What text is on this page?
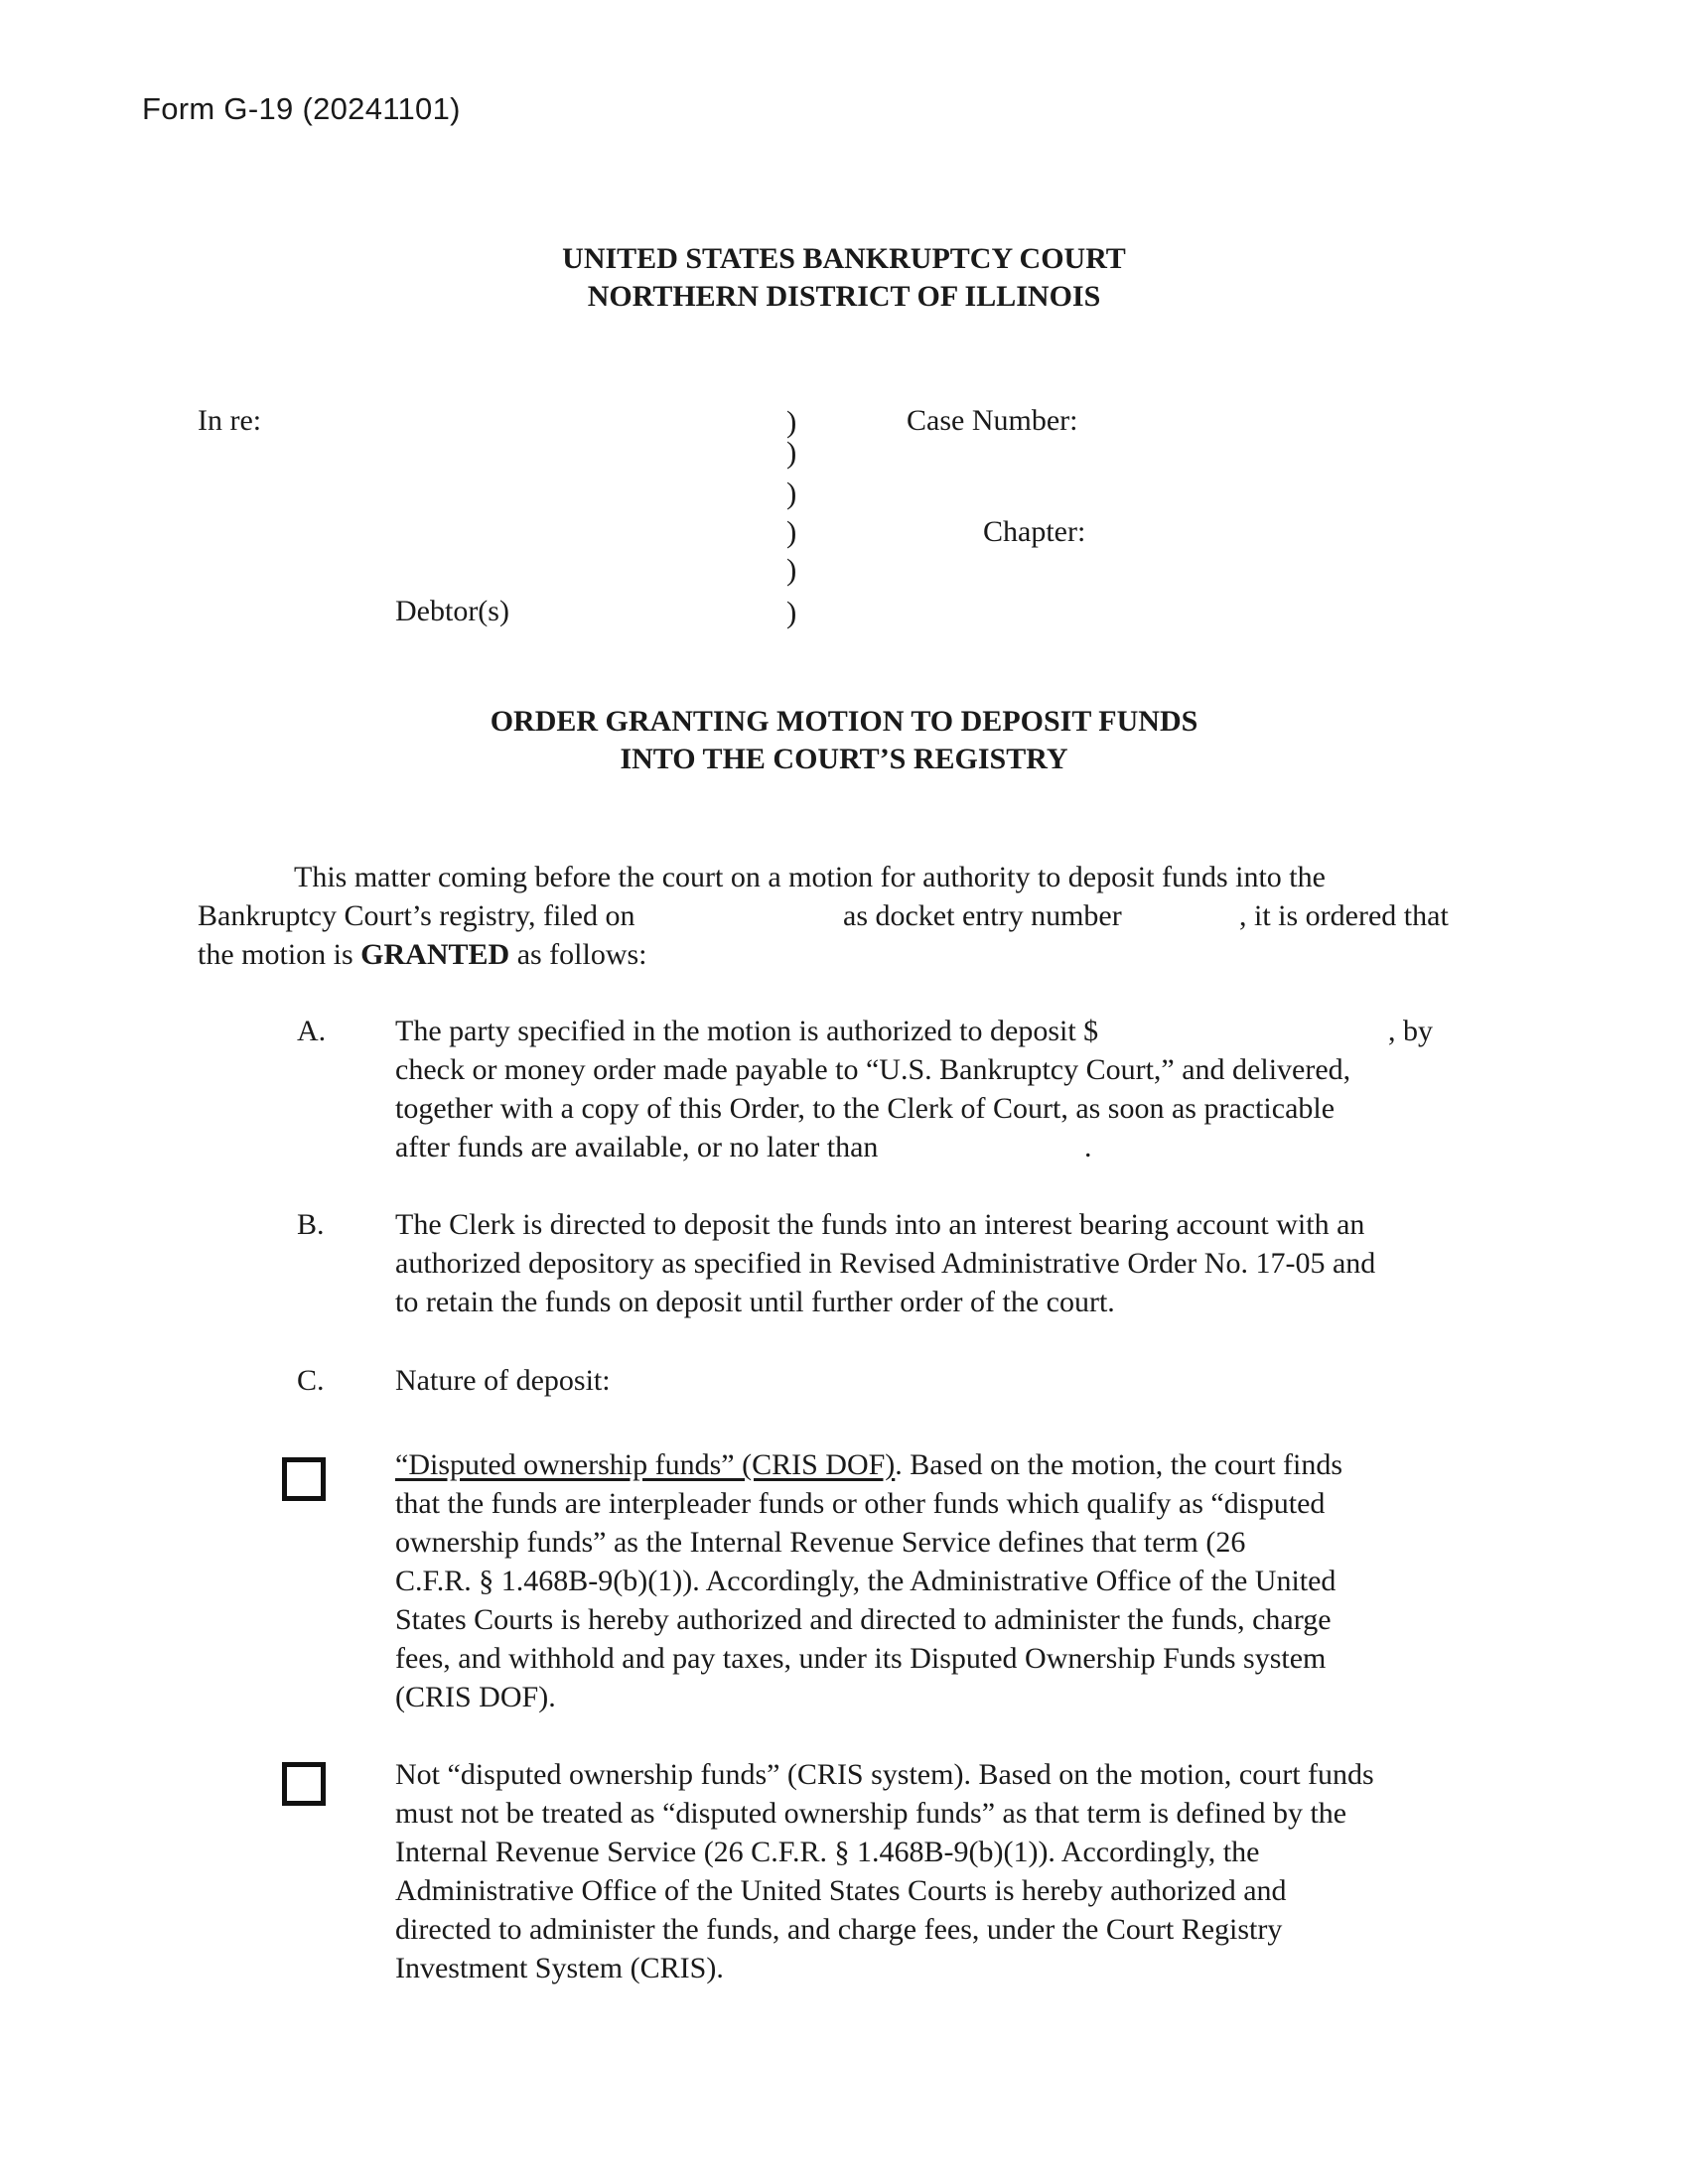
Form G-19 (20241101)
UNITED STATES BANKRUPTCY COURT
NORTHERN DISTRICT OF ILLINOIS
In re:
Debtor(s)
)
)
)
)
)
)
Case Number:
Chapter:
ORDER GRANTING MOTION TO DEPOSIT FUNDS
INTO THE COURT’S REGISTRY
This matter coming before the court on a motion for authority to deposit funds into the
Bankruptcy Court’s registry, filed on	as docket entry number	, it is ordered that
the motion is GRANTED as follows:
A. The party specified in the motion is authorized to deposit $	, by
check or money order made payable to “U.S. Bankruptcy Court,” and delivered,
together with a copy of this Order, to the Clerk of Court, as soon as practicable
after funds are available, or no later than	.
B. The Clerk is directed to deposit the funds into an interest bearing account with an
authorized depository as specified in Revised Administrative Order No. 17-05 and
to retain the funds on deposit until further order of the court.
C. Nature of deposit:
“Disputed ownership funds” (CRIS DOF). Based on the motion, the court finds
that the funds are interpleader funds or other funds which qualify as “disputed
ownership funds” as the Internal Revenue Service defines that term (26
C.F.R. § 1.468B-9(b)(1)). Accordingly, the Administrative Office of the United
States Courts is hereby authorized and directed to administer the funds, charge
fees, and withhold and pay taxes, under its Disputed Ownership Funds system
(CRIS DOF).
Not “disputed ownership funds” (CRIS system). Based on the motion, court funds
must not be treated as “disputed ownership funds” as that term is defined by the
Internal Revenue Service (26 C.F.R. § 1.468B-9(b)(1)). Accordingly, the
Administrative Office of the United States Courts is hereby authorized and
directed to administer the funds, and charge fees, under the Court Registry
Investment System (CRIS).
